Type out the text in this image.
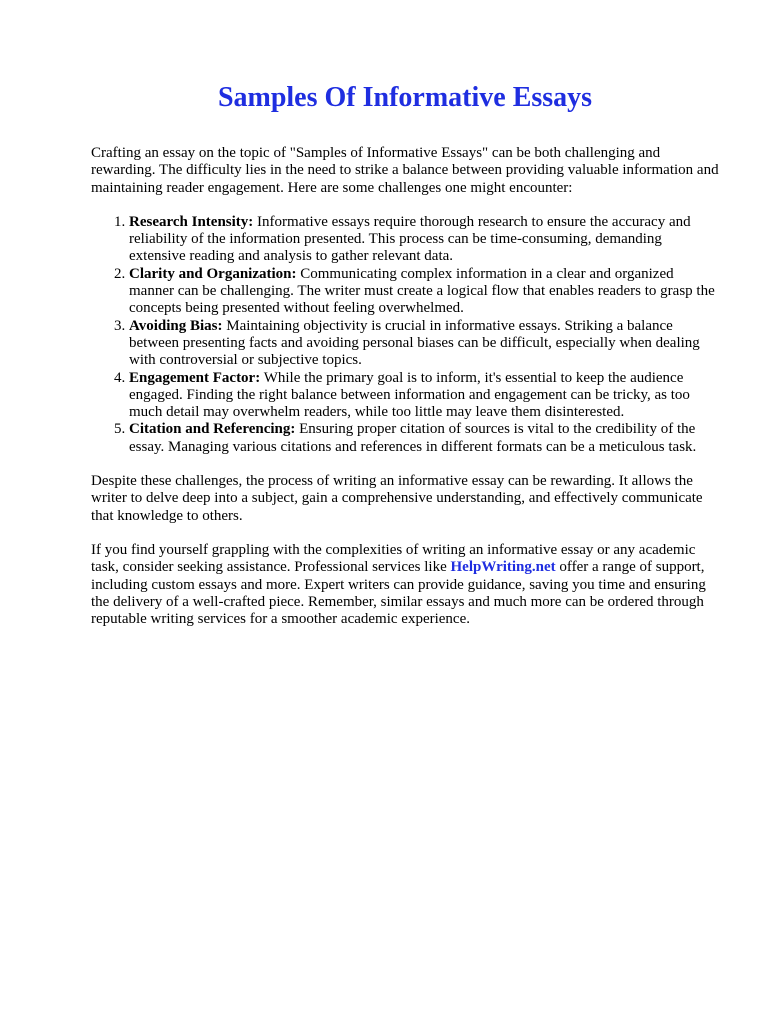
Samples Of Informative Essays

Crafting an essay on the topic of "Samples of Informative Essays" can be both challenging and rewarding. The difficulty lies in the need to strike a balance between providing valuable information and maintaining reader engagement. Here are some challenges one might encounter:

1. Research Intensity: Informative essays require thorough research to ensure the accuracy and reliability of the information presented. This process can be time-consuming, demanding extensive reading and analysis to gather relevant data.
2. Clarity and Organization: Communicating complex information in a clear and organized manner can be challenging. The writer must create a logical flow that enables readers to grasp the concepts being presented without feeling overwhelmed.
3. Avoiding Bias: Maintaining objectivity is crucial in informative essays. Striking a balance between presenting facts and avoiding personal biases can be difficult, especially when dealing with controversial or subjective topics.
4. Engagement Factor: While the primary goal is to inform, it's essential to keep the audience engaged. Finding the right balance between information and engagement can be tricky, as too much detail may overwhelm readers, while too little may leave them disinterested.
5. Citation and Referencing: Ensuring proper citation of sources is vital to the credibility of the essay. Managing various citations and references in different formats can be a meticulous task.

Despite these challenges, the process of writing an informative essay can be rewarding. It allows the writer to delve deep into a subject, gain a comprehensive understanding, and effectively communicate that knowledge to others.

If you find yourself grappling with the complexities of writing an informative essay or any academic task, consider seeking assistance. Professional services like HelpWriting.net offer a range of support, including custom essays and more. Expert writers can provide guidance, saving you time and ensuring the delivery of a well-crafted piece. Remember, similar essays and much more can be ordered through reputable writing services for a smoother academic experience.
